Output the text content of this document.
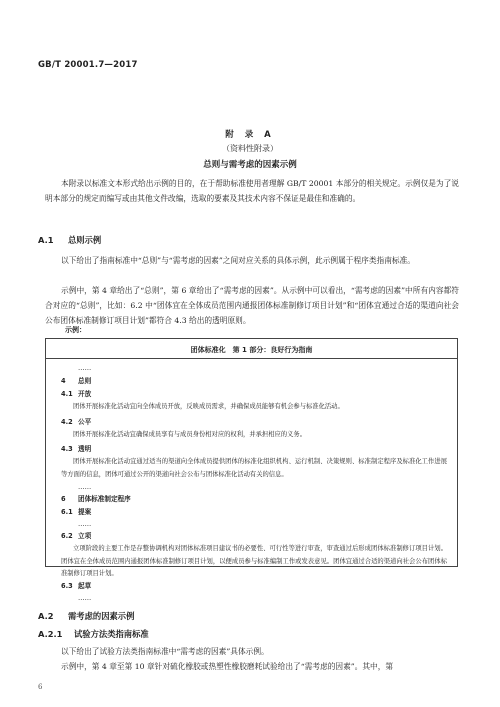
GB/T 20001.7—2017
附 录 A
（资料性附录）
总则与需考虑的因素示例
本附录以标准文本形式给出示例的目的，在于帮助标准使用者理解 GB/T 20001 本部分的相关规定。示例仅是为了说明本部分的规定而编写或由其他文件改编，选取的要素及其技术内容不保证是最佳和准确的。
A.1 总则示例
以下给出了指南标准中“总则”与“需考虑的因素”之间对应关系的具体示例，此示例属于程序类指南标准。
示例中，第 4 章给出了“总则”，第 6 章给出了“需考虑的因素”。从示例中可以看出，“需考虑的因素”中所有内容都符合对应的“总则”，比如：6.2 中“团体宜在全体成员范围内通报团体标准制修订项目计划”和“团体宜通过合适的渠道向社会公布团体标准制修订项目计划”都符合 4.3 给出的透明原则。
示例：
团体标准化　第 1 部分：良好行为指南
……
4 总则
4.1 开放
团体开展标准化活动宜向全体成员开放，反映成员需求，并确保成员能够有机会参与标准化活动。
4.2 公平
团体开展标准化活动宜确保成员享有与成员身份相对应的权利，并承担相应的义务。
4.3 透明
团体开展标准化活动宜通过适当的渠道向全体成员提供团体的标准化组织机构、运行机制、决策规则、标准制定程序及标准化工作进展等方面的信息，团体可通过公开的渠道向社会公布与团体标准化活动有关的信息。
……
6 团体标准制定程序
6.1 提案
……
6.2 立项
立项阶段的主要工作是存整协调机构对团体标准项目建议书的必要性、可行性等进行审查，审查通过后形成团体标准制修订项目计划。团体宜在全体成员范围内通报团体标准制修订项目计划，以便成员参与标准编制工作或发表意见。团体宜通过合适的渠道向社会公布团体标准制修订项目计划。
6.3 起草
……
A.2 需考虑的因素示例
A.2.1 试验方法类指南标准
以下给出了试验方法类指南标准中“需考虑的因素”具体示例。
示例中，第 4 章至第 10 章针对硫化橡胶或热塑性橡胶磨耗试验给出了“需考虑的因素”。其中，第
6
